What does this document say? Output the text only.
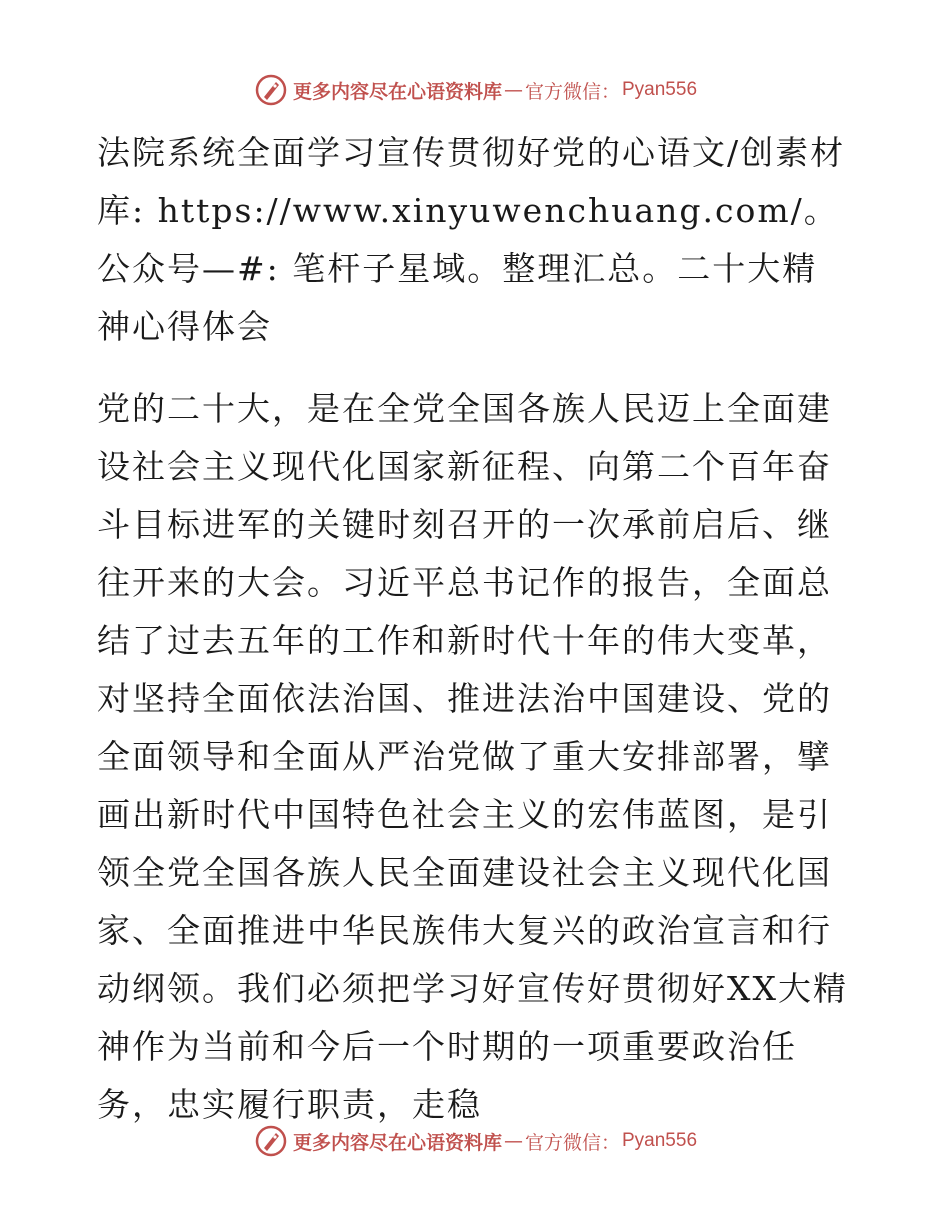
更多内容尽在心语资料库 — 官方微信： Pyan556

法院系统全面学习宣传贯彻好党的心语文/创素材库: https://www.xinyuwenchuang.com/。公众号—#: 笔杆子星域。整理汇总。二十大精神心得体会

党的二十大，是在全党全国各族人民迈上全面建设社会主义现代化国家新征程、向第二个百年奋斗目标进军的关键时刻召开的一次承前启后、继往开来的大会。习近平总书记作的报告，全面总结了过去五年的工作和新时代十年的伟大变革，对坚持全面依法治国、推进法治中国建设、党的全面领导和全面从严治党做了重大安排部署，擘画出新时代中国特色社会主义的宏伟蓝图，是引领全党全国各族人民全面建设社会主义现代化国家、全面推进中华民族伟大复兴的政治宣言和行动纲领。我们必须把学习好宣传好贯彻好XX大精神作为当前和今后一个时期的一项重要政治任务，忠实履行职责，走稳

更多内容尽在心语资料库 — 官方微信： Pyan556
